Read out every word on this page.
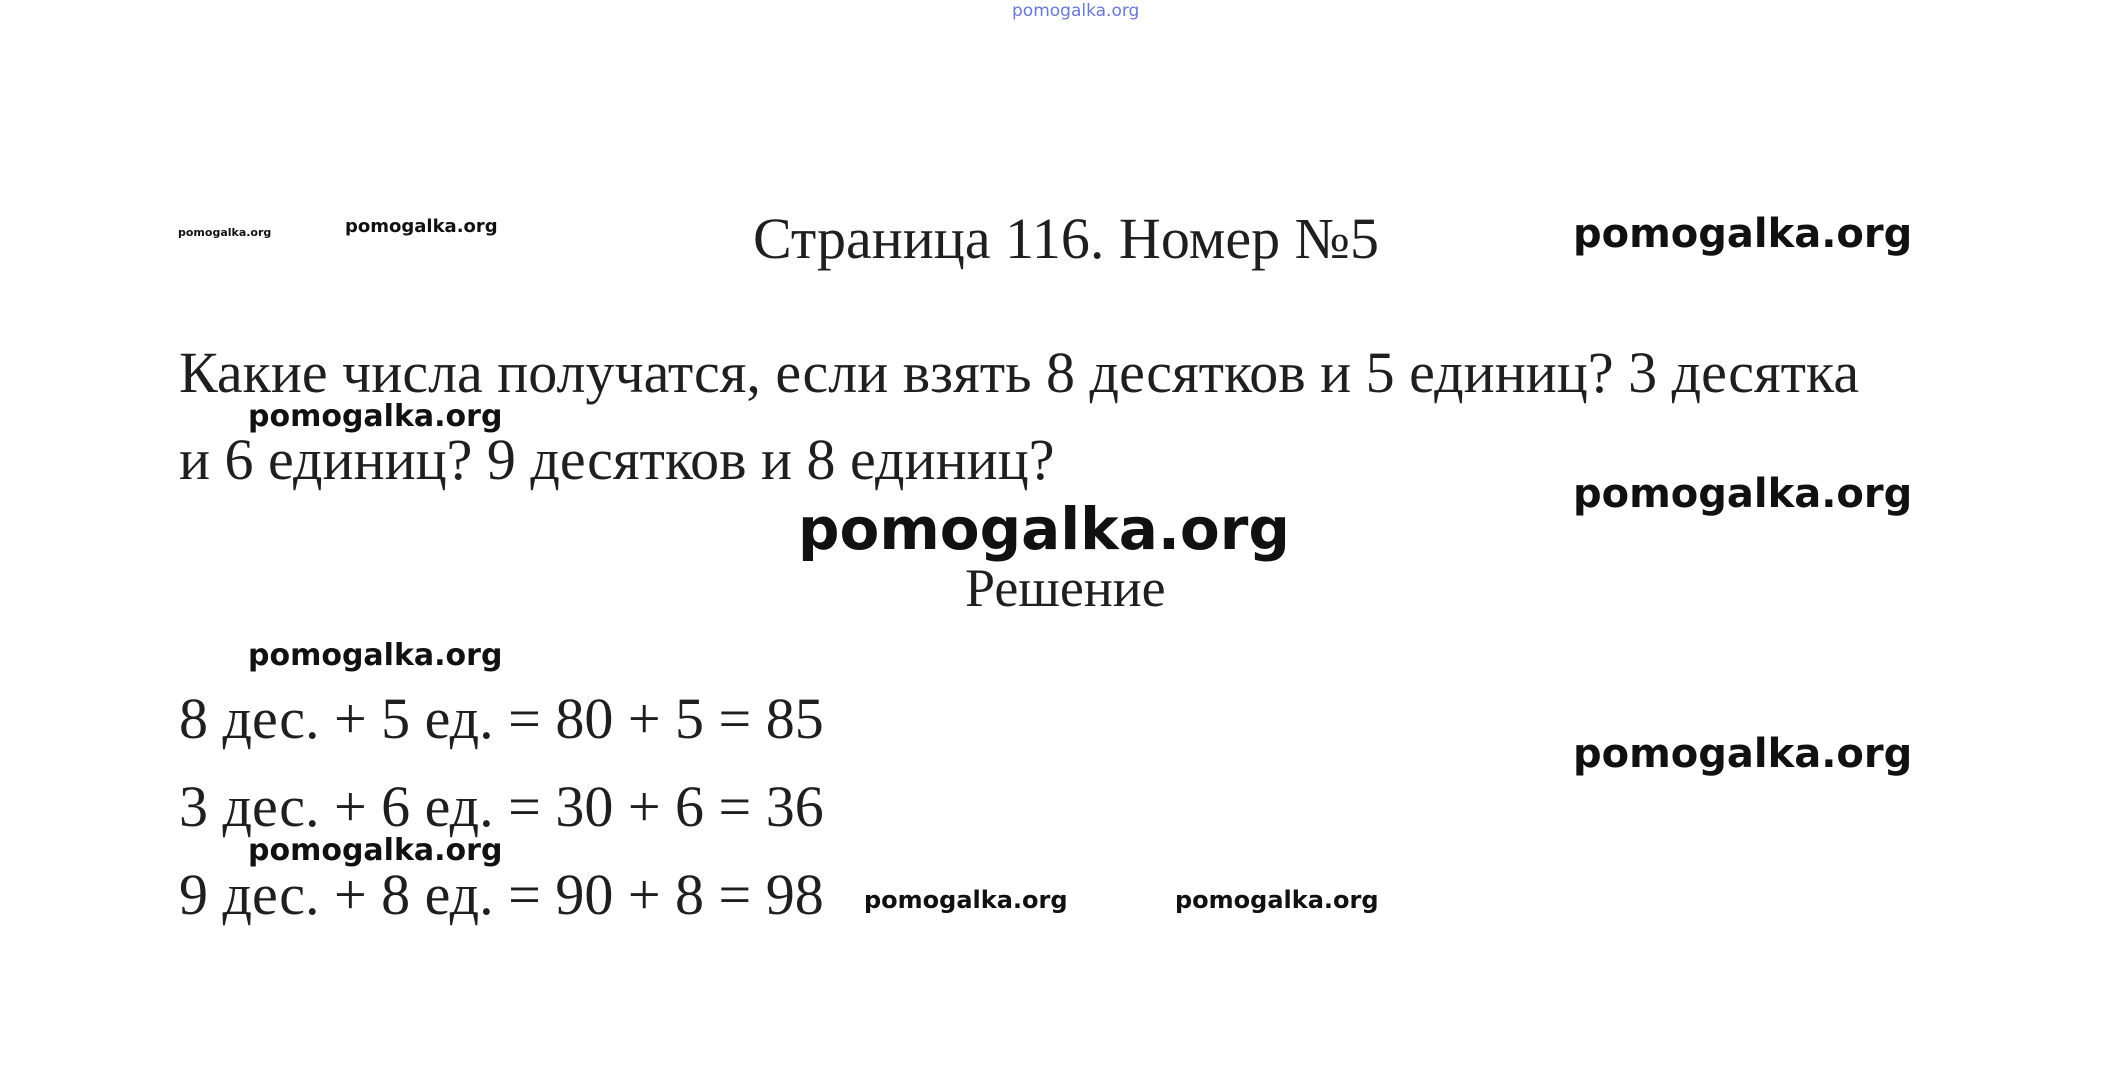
pomogalka.org
pomogalka.org	pomogalka.org	Страница 116. Номер №5	pomogalka.org
Какие числа получатся, если взять 8 десятков и 5 единиц? 3 десятка
pomogalka.org
и 6 единиц? 9 десятков и 8 единиц?
pomogalka.org
pomogalka.org
Решение
pomogalka.org
8 дес. + 5 ед. = 80 + 5 = 85
pomogalka.org
3 дес. + 6 ед. = 30 + 6 = 36
pomogalka.org
9 дес. + 8 ед. = 90 + 8 = 98 pomogalka.org	pomogalka.org
